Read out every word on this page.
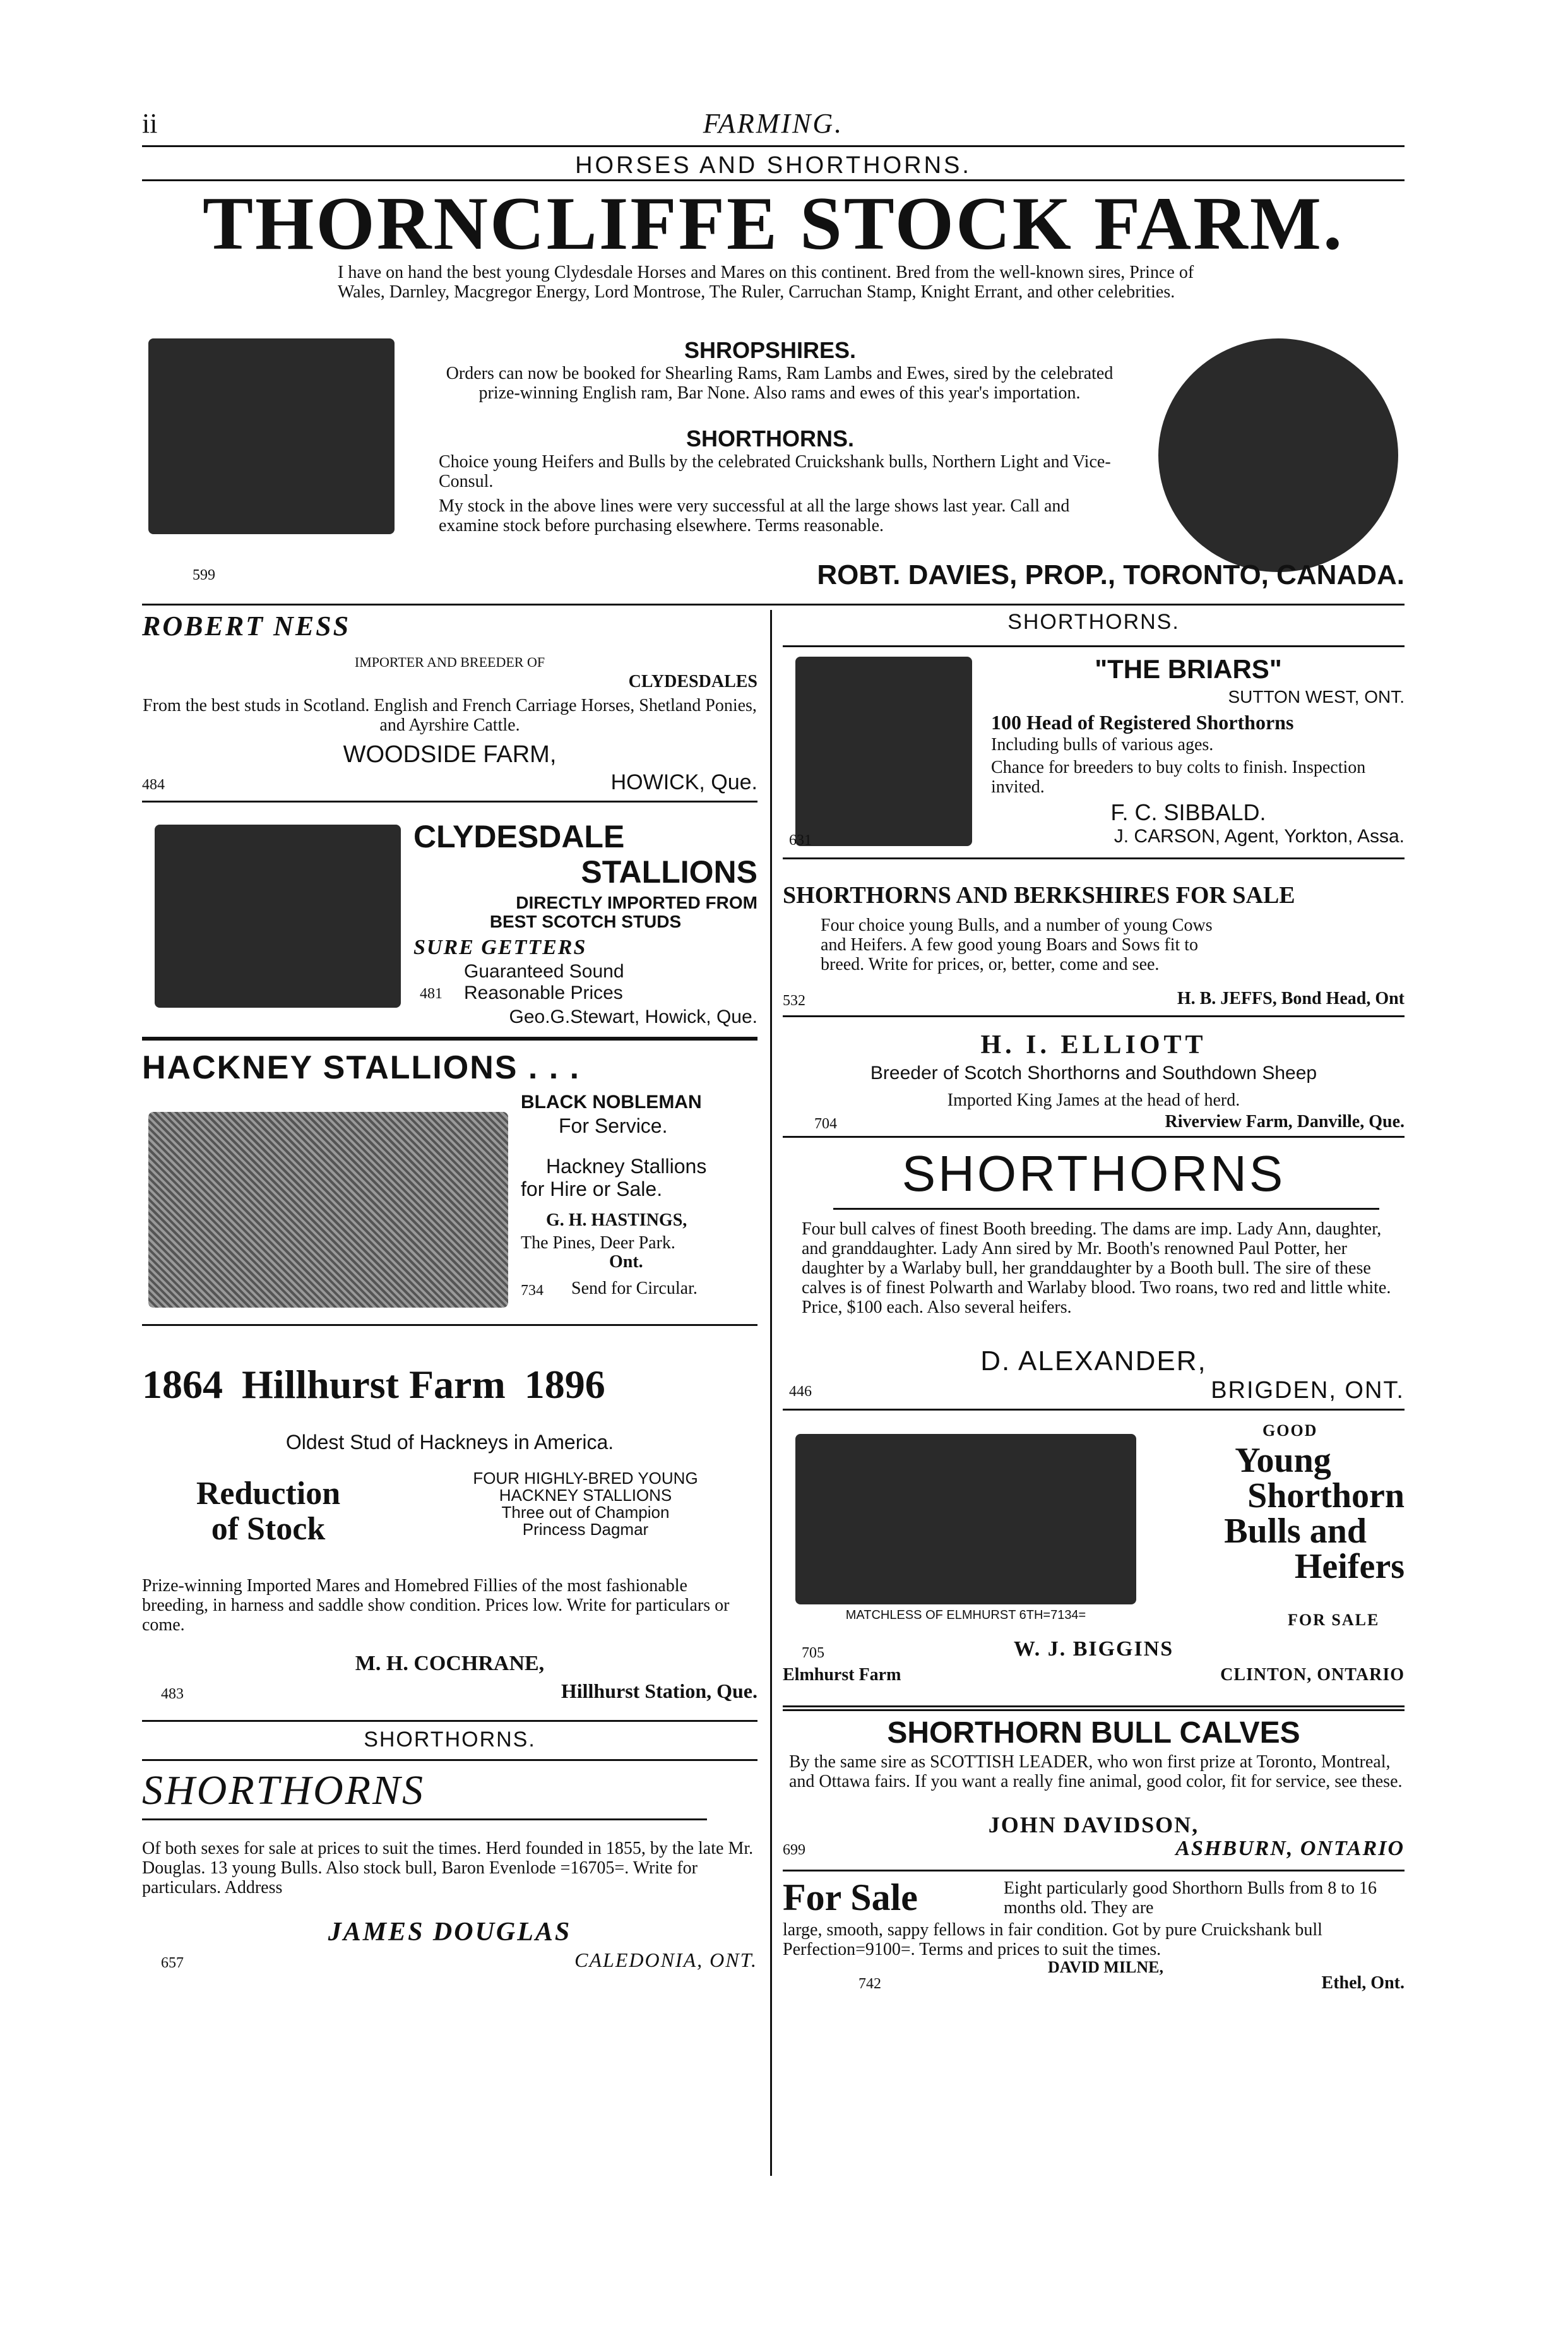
ii	FARMING.
HORSES AND SHORTHORNS.
THORNCLIFFE STOCK FARM.
I have on hand the best young Clydesdale Horses and Mares on this continent. Bred from the well-known sires, Prince of Wales, Darnley, Macgregor Energy, Lord Montrose, The Ruler, Carruchan Stamp, Knight Errant, and other celebrities.
SHROPSHIRES.
Orders can now be booked for Shearling Rams, Ram Lambs and Ewes, sired by the celebrated prize-winning English ram, Bar None. Also rams and ewes of this year's importation.
SHORTHORNS.
Choice young Heifers and Bulls by the celebrated Cruickshank bulls, Northern Light and Vice-Consul.
My stock in the above lines were very successful at all the large shows last year. Call and examine stock before purchasing elsewhere. Terms reasonable.
599	ROBT. DAVIES, PROP., TORONTO, CANADA.
ROBERT NESS
IMPORTER AND BREEDER OF
CLYDESDALES
From the best studs in Scotland. English and French Carriage Horses, Shetland Ponies, and Ayrshire Cattle.
WOODSIDE FARM,
484	HOWICK, Que.
CLYDESDALE
STALLIONS
DIRECTLY IMPORTED FROM
BEST SCOTCH STUDS
SURE GETTERS
Guaranteed Sound
481 Reasonable Prices
Geo.G.Stewart, Howick, Que.
HACKNEY STALLIONS . . .
BLACK NOBLEMAN
For Service.
Hackney Stallions
for Hire or Sale.
G. H. HASTINGS,
The Pines, Deer Park.
Ont.
734 Send for Circular.
1864 Hillhurst Farm 1896
Oldest Stud of Hackneys in America.
Reduction
of Stock
FOUR HIGHLY-BRED YOUNG
HACKNEY STALLIONS
Three out of Champion
Princess Dagmar
Prize-winning Imported Mares and Homebred Fillies of the most fashionable breeding, in harness and saddle show condition. Prices low. Write for particulars or come.
M. H. COCHRANE,
483	Hillhurst Station, Que.
SHORTHORNS.
SHORTHORNS
Of both sexes for sale at prices to suit the times. Herd founded in 1855, by the late Mr. Douglas. 13 young Bulls. Also stock bull, Baron Evenlode =16705=. Write for particulars. Address
JAMES DOUGLAS
657	CALEDONIA, ONT.
SHORTHORNS.
"THE BRIARS"
SUTTON WEST, ONT.
100 Head of Registered Shorthorns
Including bulls of various ages.
Chance for breeders to buy colts to finish. Inspection invited.
F. C. SIBBALD.
631	J. CARSON, Agent, Yorkton, Assa.
SHORTHORNS AND BERKSHIRES FOR SALE
Four choice young Bulls, and a number of young Cows and Heifers. A few good young Boars and Sows fit to breed. Write for prices, or, better, come and see.
532	H. B. JEFFS, Bond Head, Ont
H. I. ELLIOTT
Breeder of Scotch Shorthorns and Southdown Sheep
Imported King James at the head of herd.
704	Riverview Farm, Danville, Que.
SHORTHORNS
Four bull calves of finest Booth breeding. The dams are imp. Lady Ann, daughter, and granddaughter. Lady Ann sired by Mr. Booth's renowned Paul Potter, her daughter by a Warlaby bull, her granddaughter by a Booth bull. The sire of these calves is of finest Polwarth and Warlaby blood. Two roans, two red and little white. Price, $100 each. Also several heifers.
D. ALEXANDER,
446	BRIGDEN, ONT.
MATCHLESS OF ELMHURST 6TH=7134=
GOOD
Young
Shorthorn
Bulls and
Heifers
FOR SALE
705	W. J. BIGGINS
Elmhurst Farm	CLINTON, ONTARIO
SHORTHORN BULL CALVES
By the same sire as SCOTTISH LEADER, who won first prize at Toronto, Montreal, and Ottawa fairs. If you want a really fine animal, good color, fit for service, see these.
JOHN DAVIDSON,
699	ASHBURN, ONTARIO
For Sale	Eight particularly good Shorthorn Bulls from 8 to 16 months old. They are
large, smooth, sappy fellows in fair condition. Got by pure Cruickshank bull Perfection=9100=. Terms and prices to suit the times.
DAVID MILNE,
742	Ethel, Ont.
